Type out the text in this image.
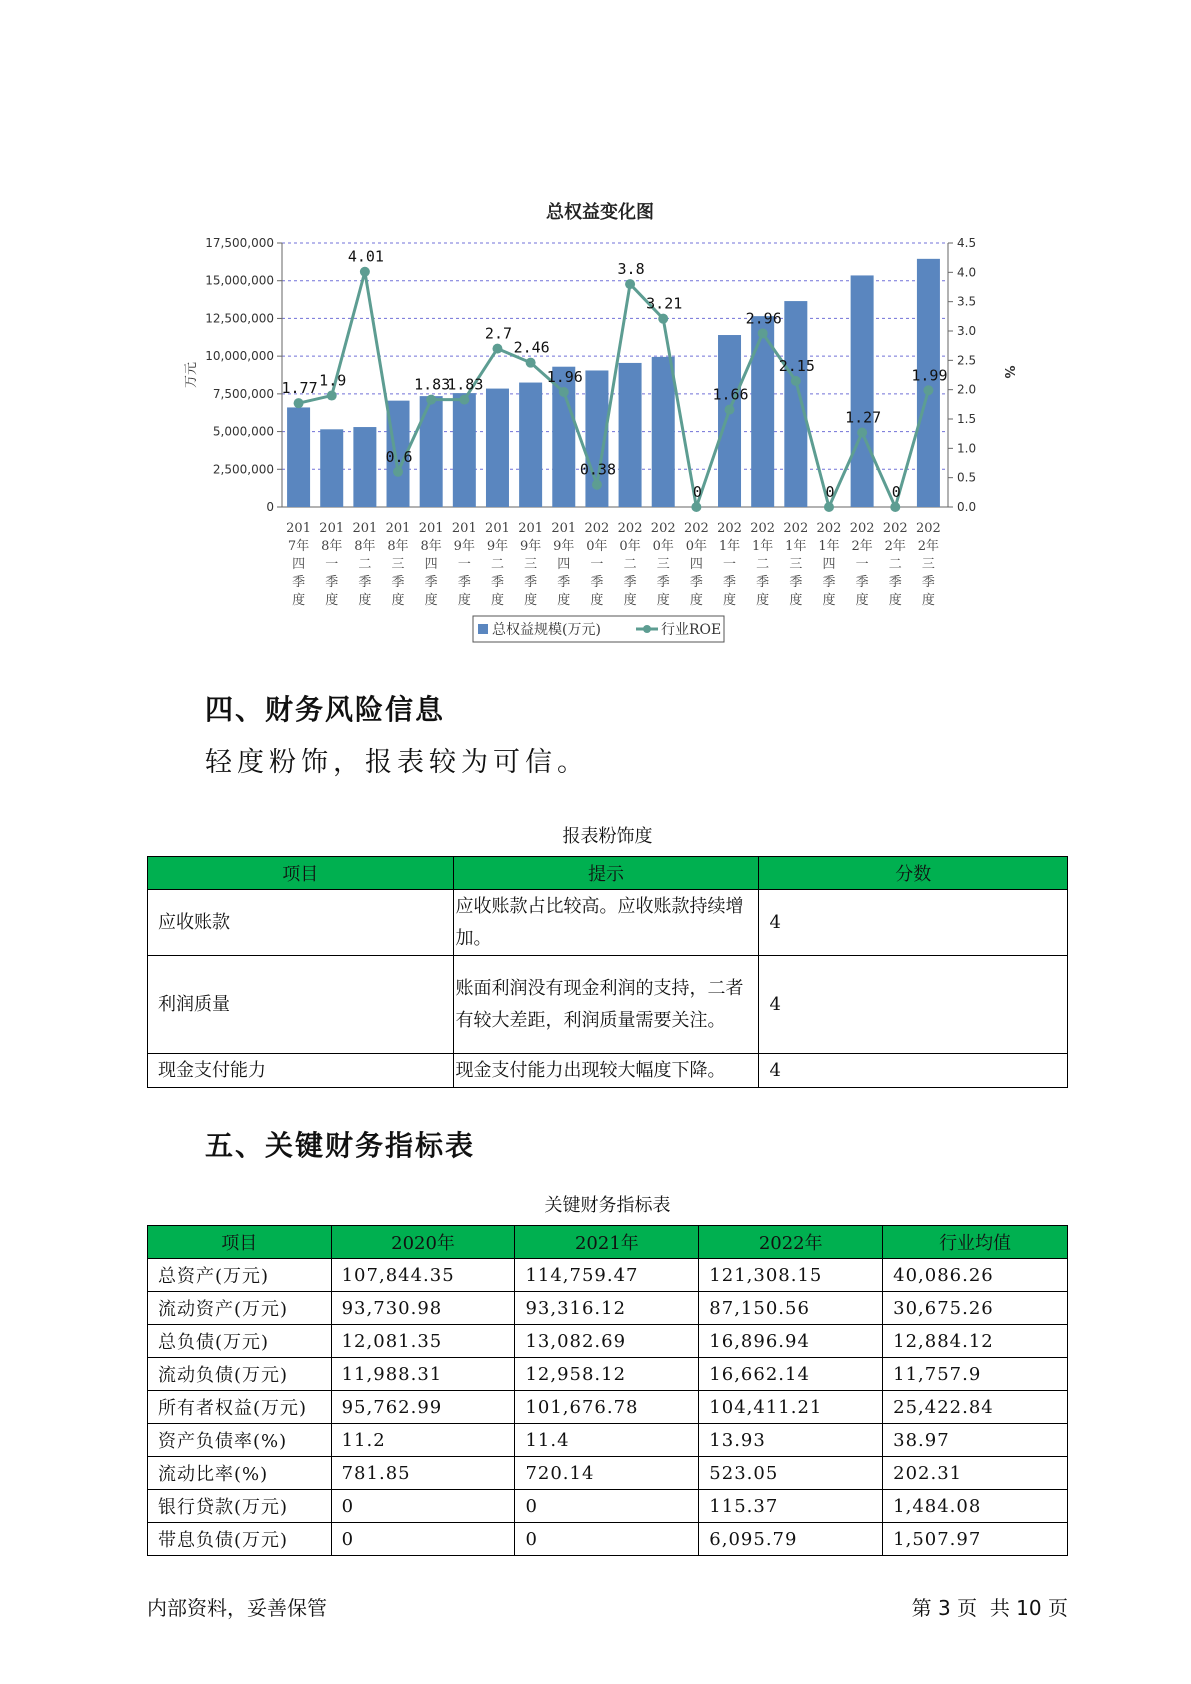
总权益变化图
0
2,500,000
5,000,000
7,500,000
10,000,000
12,500,000
15,000,000
17,500,000
0.0
0.5
1.0
1.5
2.0
2.5
3.0
3.5
4.0
4.5
万元	%
201
7年
四
季
度
201
8年
一
季
度
201
8年
二
季
度
201
8年
三
季
度
201
8年
四
季
度
201
9年
一
季
度
201
9年
二
季
度
201
9年
三
季
度
201
9年
四
季
度
202
0年
一
季
度
202
0年
二
季
度
202
0年
三
季
度
202
0年
四
季
度
202
1年
一
季
度
202
1年
二
季
度
202
1年
三
季
度
202
1年
四
季
度
202
2年
一
季
度
202
2年
二
季
度
202
2年
三
季
度
1.77 1.9
4.01
0.6
1.83
1.83
2.7
2.46
1.96
0.38
3.8
3.21
0
1.66
2.96
2.15
0
1.27
0
1.99
总权益规模(万元)	行业ROE
四、财务风险信息

轻度粉饰，报表较为可信。

报表粉饰度
项目	提示	分数
应收账款	应收账款占比较高。应收账款持续增加。	4
利润质量	账面利润没有现金利润的支持，二者有较大差距，利润质量需要关注。	4
现金支付能力	现金支付能力出现较大幅度下降。	4
五、关键财务指标表
关键财务指标表
项目	2020年	2021年	2022年	行业均值
总资产(万元)	107,844.35	114,759.47	121,308.15	40,086.26
流动资产(万元)	93,730.98	93,316.12	87,150.56	30,675.26
总负债(万元)	12,081.35	13,082.69	16,896.94	12,884.12
流动负债(万元)	11,988.31	12,958.12	16,662.14	11,757.9
所有者权益(万元)	95,762.99	101,676.78	104,411.21	25,422.84
资产负债率(%)	11.2	11.4	13.93	38.97
流动比率(%)	781.85	720.14	523.05	202.31
银行贷款(万元)	0	0	115.37	1,484.08
带息负债(万元)	0	0	6,095.79	1,507.97
内部资料，妥善保管	第 3 页  共 10 页
